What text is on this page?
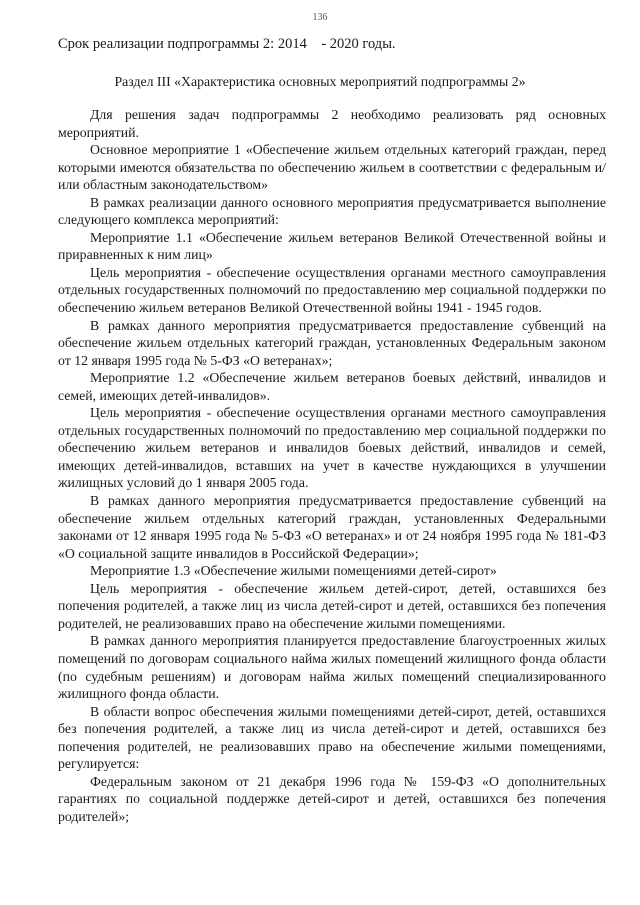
136
Срок реализации подпрограммы 2: 2014    - 2020 годы.
Раздел III «Характеристика основных мероприятий подпрограммы 2»

Для решения задач подпрограммы 2 необходимо реализовать ряд основных мероприятий.

Основное мероприятие 1 «Обеспечение жильем отдельных категорий граждан, перед которыми имеются обязательства по обеспечению жильем в соответствии с федеральным и/или областным законодательством»

В рамках реализации данного основного мероприятия предусматривается выполнение следующего комплекса мероприятий:

Мероприятие 1.1 «Обеспечение жильем ветеранов Великой Отечественной войны и приравненных к ним лиц»

Цель мероприятия - обеспечение осуществления органами местного самоуправления отдельных государственных полномочий по предоставлению мер социальной поддержки по обеспечению жильем ветеранов Великой Отечественной войны 1941 - 1945 годов.

В рамках данного мероприятия предусматривается предоставление субвенций на обеспечение жильем отдельных категорий граждан, установленных Федеральным законом от 12 января 1995 года № 5-ФЗ «О ветеранах»;

Мероприятие 1.2 «Обеспечение жильем ветеранов боевых действий, инвалидов и семей, имеющих детей-инвалидов».

Цель мероприятия - обеспечение осуществления органами местного самоуправления отдельных государственных полномочий по предоставлению мер социальной поддержки по обеспечению жильем ветеранов и инвалидов боевых действий, инвалидов и семей, имеющих детей-инвалидов, вставших на учет в качестве нуждающихся в улучшении жилищных условий до 1 января 2005 года.

В рамках данного мероприятия предусматривается предоставление субвенций на обеспечение жильем отдельных категорий граждан, установленных Федеральными законами от 12 января 1995 года № 5-ФЗ «О ветеранах» и от 24 ноября 1995 года № 181-ФЗ «О социальной защите инвалидов в Российской Федерации»;

Мероприятие 1.3 «Обеспечение жилыми помещениями детей-сирот»

Цель мероприятия - обеспечение жильем детей-сирот, детей, оставшихся без попечения родителей, а также лиц из числа детей-сирот и детей, оставшихся без попечения родителей, не реализовавших право на обеспечение жилыми помещениями.

В рамках данного мероприятия планируется предоставление благоустроенных жилых помещений по договорам социального найма жилых помещений жилищного фонда области (по судебным решениям) и договорам найма жилых помещений специализированного жилищного фонда области.

В области вопрос обеспечения жилыми помещениями детей-сирот, детей, оставшихся без попечения родителей, а также лиц из числа детей-сирот и детей, оставшихся без попечения родителей, не реализовавших право на обеспечение жилыми помещениями, регулируется:

Федеральным законом от 21 декабря 1996 года № 159-ФЗ «О дополнительных гарантиях по социальной поддержке детей-сирот и детей, оставшихся без попечения родителей»;
